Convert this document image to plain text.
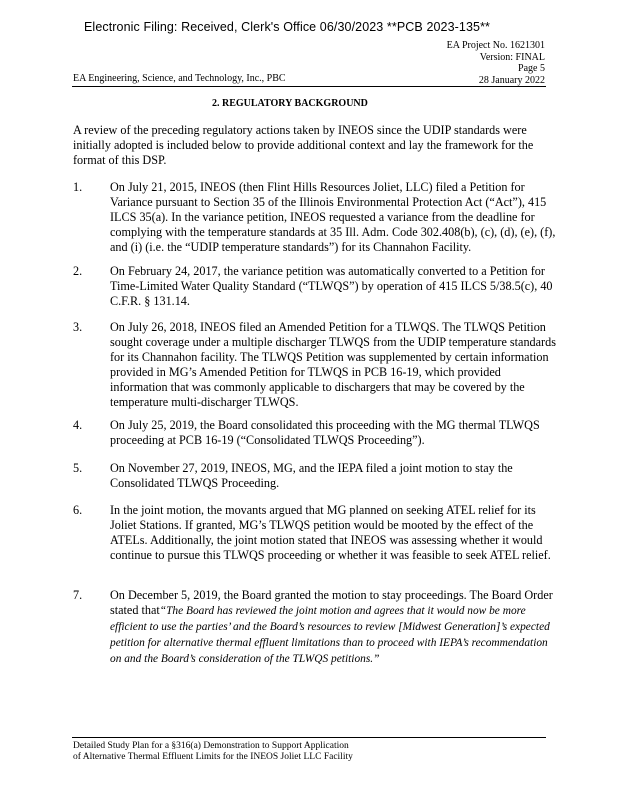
Electronic Filing: Received, Clerk's Office 06/30/2023 **PCB 2023-135**
EA Project No. 1621301
Version: FINAL
Page 5
28 January 2022
EA Engineering, Science, and Technology, Inc., PBC
2. REGULATORY BACKGROUND
A review of the preceding regulatory actions taken by INEOS since the UDIP standards were initially adopted is included below to provide additional context and lay the framework for the format of this DSP.
1.	On July 21, 2015, INEOS (then Flint Hills Resources Joliet, LLC) filed a Petition for Variance pursuant to Section 35 of the Illinois Environmental Protection Act (“Act”), 415 ILCS 35(a). In the variance petition, INEOS requested a variance from the deadline for complying with the temperature standards at 35 Ill. Adm. Code 302.408(b), (c), (d), (e), (f), and (i) (i.e. the “UDIP temperature standards”) for its Channahon Facility.
2.	On February 24, 2017, the variance petition was automatically converted to a Petition for Time-Limited Water Quality Standard (“TLWQS”) by operation of 415 ILCS 5/38.5(c), 40 C.F.R. § 131.14.
3.	On July 26, 2018, INEOS filed an Amended Petition for a TLWQS. The TLWQS Petition sought coverage under a multiple discharger TLWQS from the UDIP temperature standards for its Channahon facility. The TLWQS Petition was supplemented by certain information provided in MG’s Amended Petition for TLWQS in PCB 16-19, which provided information that was commonly applicable to dischargers that may be covered by the temperature multi-discharger TLWQS.
4.	On July 25, 2019, the Board consolidated this proceeding with the MG thermal TLWQS proceeding at PCB 16-19 (“Consolidated TLWQS Proceeding”).
5.	On November 27, 2019, INEOS, MG, and the IEPA filed a joint motion to stay the Consolidated TLWQS Proceeding.
6.	In the joint motion, the movants argued that MG planned on seeking ATEL relief for its Joliet Stations. If granted, MG’s TLWQS petition would be mooted by the effect of the ATELs. Additionally, the joint motion stated that INEOS was assessing whether it would continue to pursue this TLWQS proceeding or whether it was feasible to seek ATEL relief.
7.	On December 5, 2019, the Board granted the motion to stay proceedings. The Board Order stated that“The Board has reviewed the joint motion and agrees that it would now be more efficient to use the parties’ and the Board’s resources to review [Midwest Generation]’s expected petition for alternative thermal effluent limitations than to proceed with IEPA’s recommendation on and the Board’s consideration of the TLWQS petitions.”
Detailed Study Plan for a §316(a) Demonstration to Support Application
of Alternative Thermal Effluent Limits for the INEOS Joliet LLC Facility
